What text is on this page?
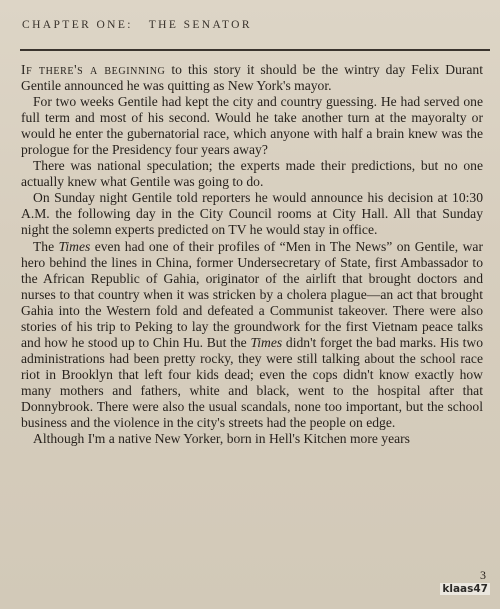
CHAPTER ONE: THE SENATOR

If there's a beginning to this story it should be the wintry day Felix Durant Gentile announced he was quitting as New York's mayor.

For two weeks Gentile had kept the city and country guessing. He had served one full term and most of his second. Would he take another turn at the mayoralty or would he enter the gubernatorial race, which anyone with half a brain knew was the prologue for the Presidency four years away?

There was national speculation; the experts made their predictions, but no one actually knew what Gentile was going to do.

On Sunday night Gentile told reporters he would announce his decision at 10:30 A.M. the following day in the City Council rooms at City Hall. All that Sunday night the solemn experts predicted on TV he would stay in office.

The Times even had one of their profiles of “Men in The News” on Gentile, war hero behind the lines in China, former Undersecretary of State, first Ambassador to the African Republic of Gahia, originator of the airlift that brought doctors and nurses to that country when it was stricken by a cholera plague—an act that brought Gahia into the Western fold and defeated a Communist takeover. There were also stories of his trip to Peking to lay the groundwork for the first Vietnam peace talks and how he stood up to Chin Hu. But the Times didn't forget the bad marks. His two administrations had been pretty rocky, they were still talking about the school race riot in Brooklyn that left four kids dead; even the cops didn't know exactly how many mothers and fathers, white and black, went to the hospital after that Donnybrook. There were also the usual scandals, none too important, but the school business and the violence in the city's streets had the people on edge.

Although I'm a native New Yorker, born in Hell's Kitchen more years

3
klaas47
